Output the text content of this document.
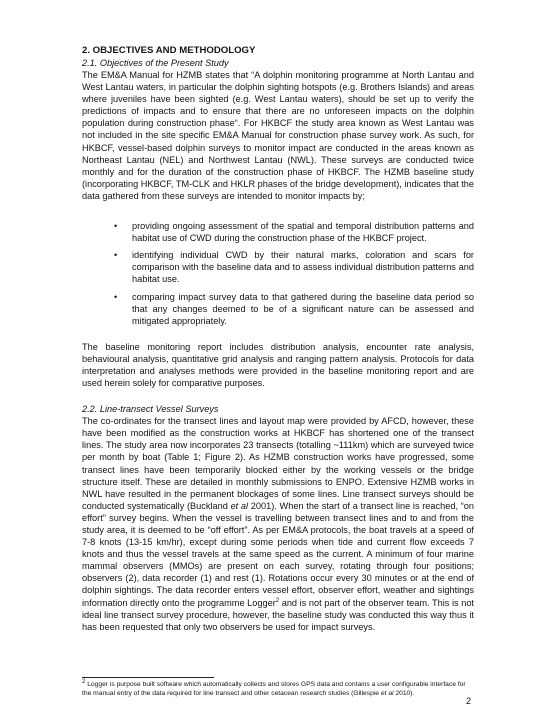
2. OBJECTIVES AND METHODOLOGY

2.1. Objectives of the Present Study

The EM&A Manual for HZMB states that “A dolphin monitoring programme at North Lantau and West Lantau waters, in particular the dolphin sighting hotspots (e.g. Brothers Islands) and areas where juveniles have been sighted (e.g. West Lantau waters), should be set up to verify the predictions of impacts and to ensure that there are no unforeseen impacts on the dolphin population during construction phase“. For HKBCF the study area known as West Lantau was not included in the site specific EM&A Manual for construction phase survey work. As such, for HKBCF, vessel-based dolphin surveys to monitor impact are conducted in the areas known as Northeast Lantau (NEL) and Northwest Lantau (NWL). These surveys are conducted twice monthly and for the duration of the construction phase of HKBCF. The HZMB baseline study (incorporating HKBCF, TM-CLK and HKLR phases of the bridge development), indicates that the data gathered from these surveys are intended to monitor impacts by;

• providing ongoing assessment of the spatial and temporal distribution patterns and habitat use of CWD during the construction phase of the HKBCF project.
• identifying individual CWD by their natural marks, coloration and scars for comparison with the baseline data and to assess individual distribution patterns and habitat use.
• comparing impact survey data to that gathered during the baseline data period so that any changes deemed to be of a significant nature can be assessed and mitigated appropriately.

The baseline monitoring report includes distribution analysis, encounter rate analysis, behavioural analysis, quantitative grid analysis and ranging pattern analysis. Protocols for data interpretation and analyses methods were provided in the baseline monitoring report and are used herein solely for comparative purposes.

2.2. Line-transect Vessel Surveys

The co-ordinates for the transect lines and layout map were provided by AFCD, however, these have been modified as the construction works at HKBCF has shortened one of the transect lines. The study area now incorporates 23 transects (totalling ~111km) which are surveyed twice per month by boat (Table 1; Figure 2). As HZMB construction works have progressed, some transect lines have been temporarily blocked either by the working vessels or the bridge structure itself. These are detailed in monthly submissions to ENPO. Extensive HZMB works in NWL have resulted in the permanent blockages of some lines. Line transect surveys should be conducted systematically (Buckland et al 2001). When the start of a transect line is reached, “on effort” survey begins. When the vessel is travelling between transect lines and to and from the study area, it is deemed to be “off effort”. As per EM&A protocols, the boat travels at a speed of 7-8 knots (13-15 km/hr), except during some periods when tide and current flow exceeds 7 knots and thus the vessel travels at the same speed as the current. A minimum of four marine mammal observers (MMOs) are present on each survey, rotating through four positions; observers (2), data recorder (1) and rest (1). Rotations occur every 30 minutes or at the end of dolphin sightings. The data recorder enters vessel effort, observer effort, weather and sightings information directly onto the programme Logger$^2$ and is not part of the observer team. This is not ideal line transect survey procedure, however, the baseline study was conducted this way thus it has been requested that only two observers be used for impact surveys.

$^2$ Logger is purpose built software which automatically collects and stores GPS data and contains a user configurable interface for the manual entry of the data required for line transect and other cetacean research studies (Gillespie et al 2010).

2
